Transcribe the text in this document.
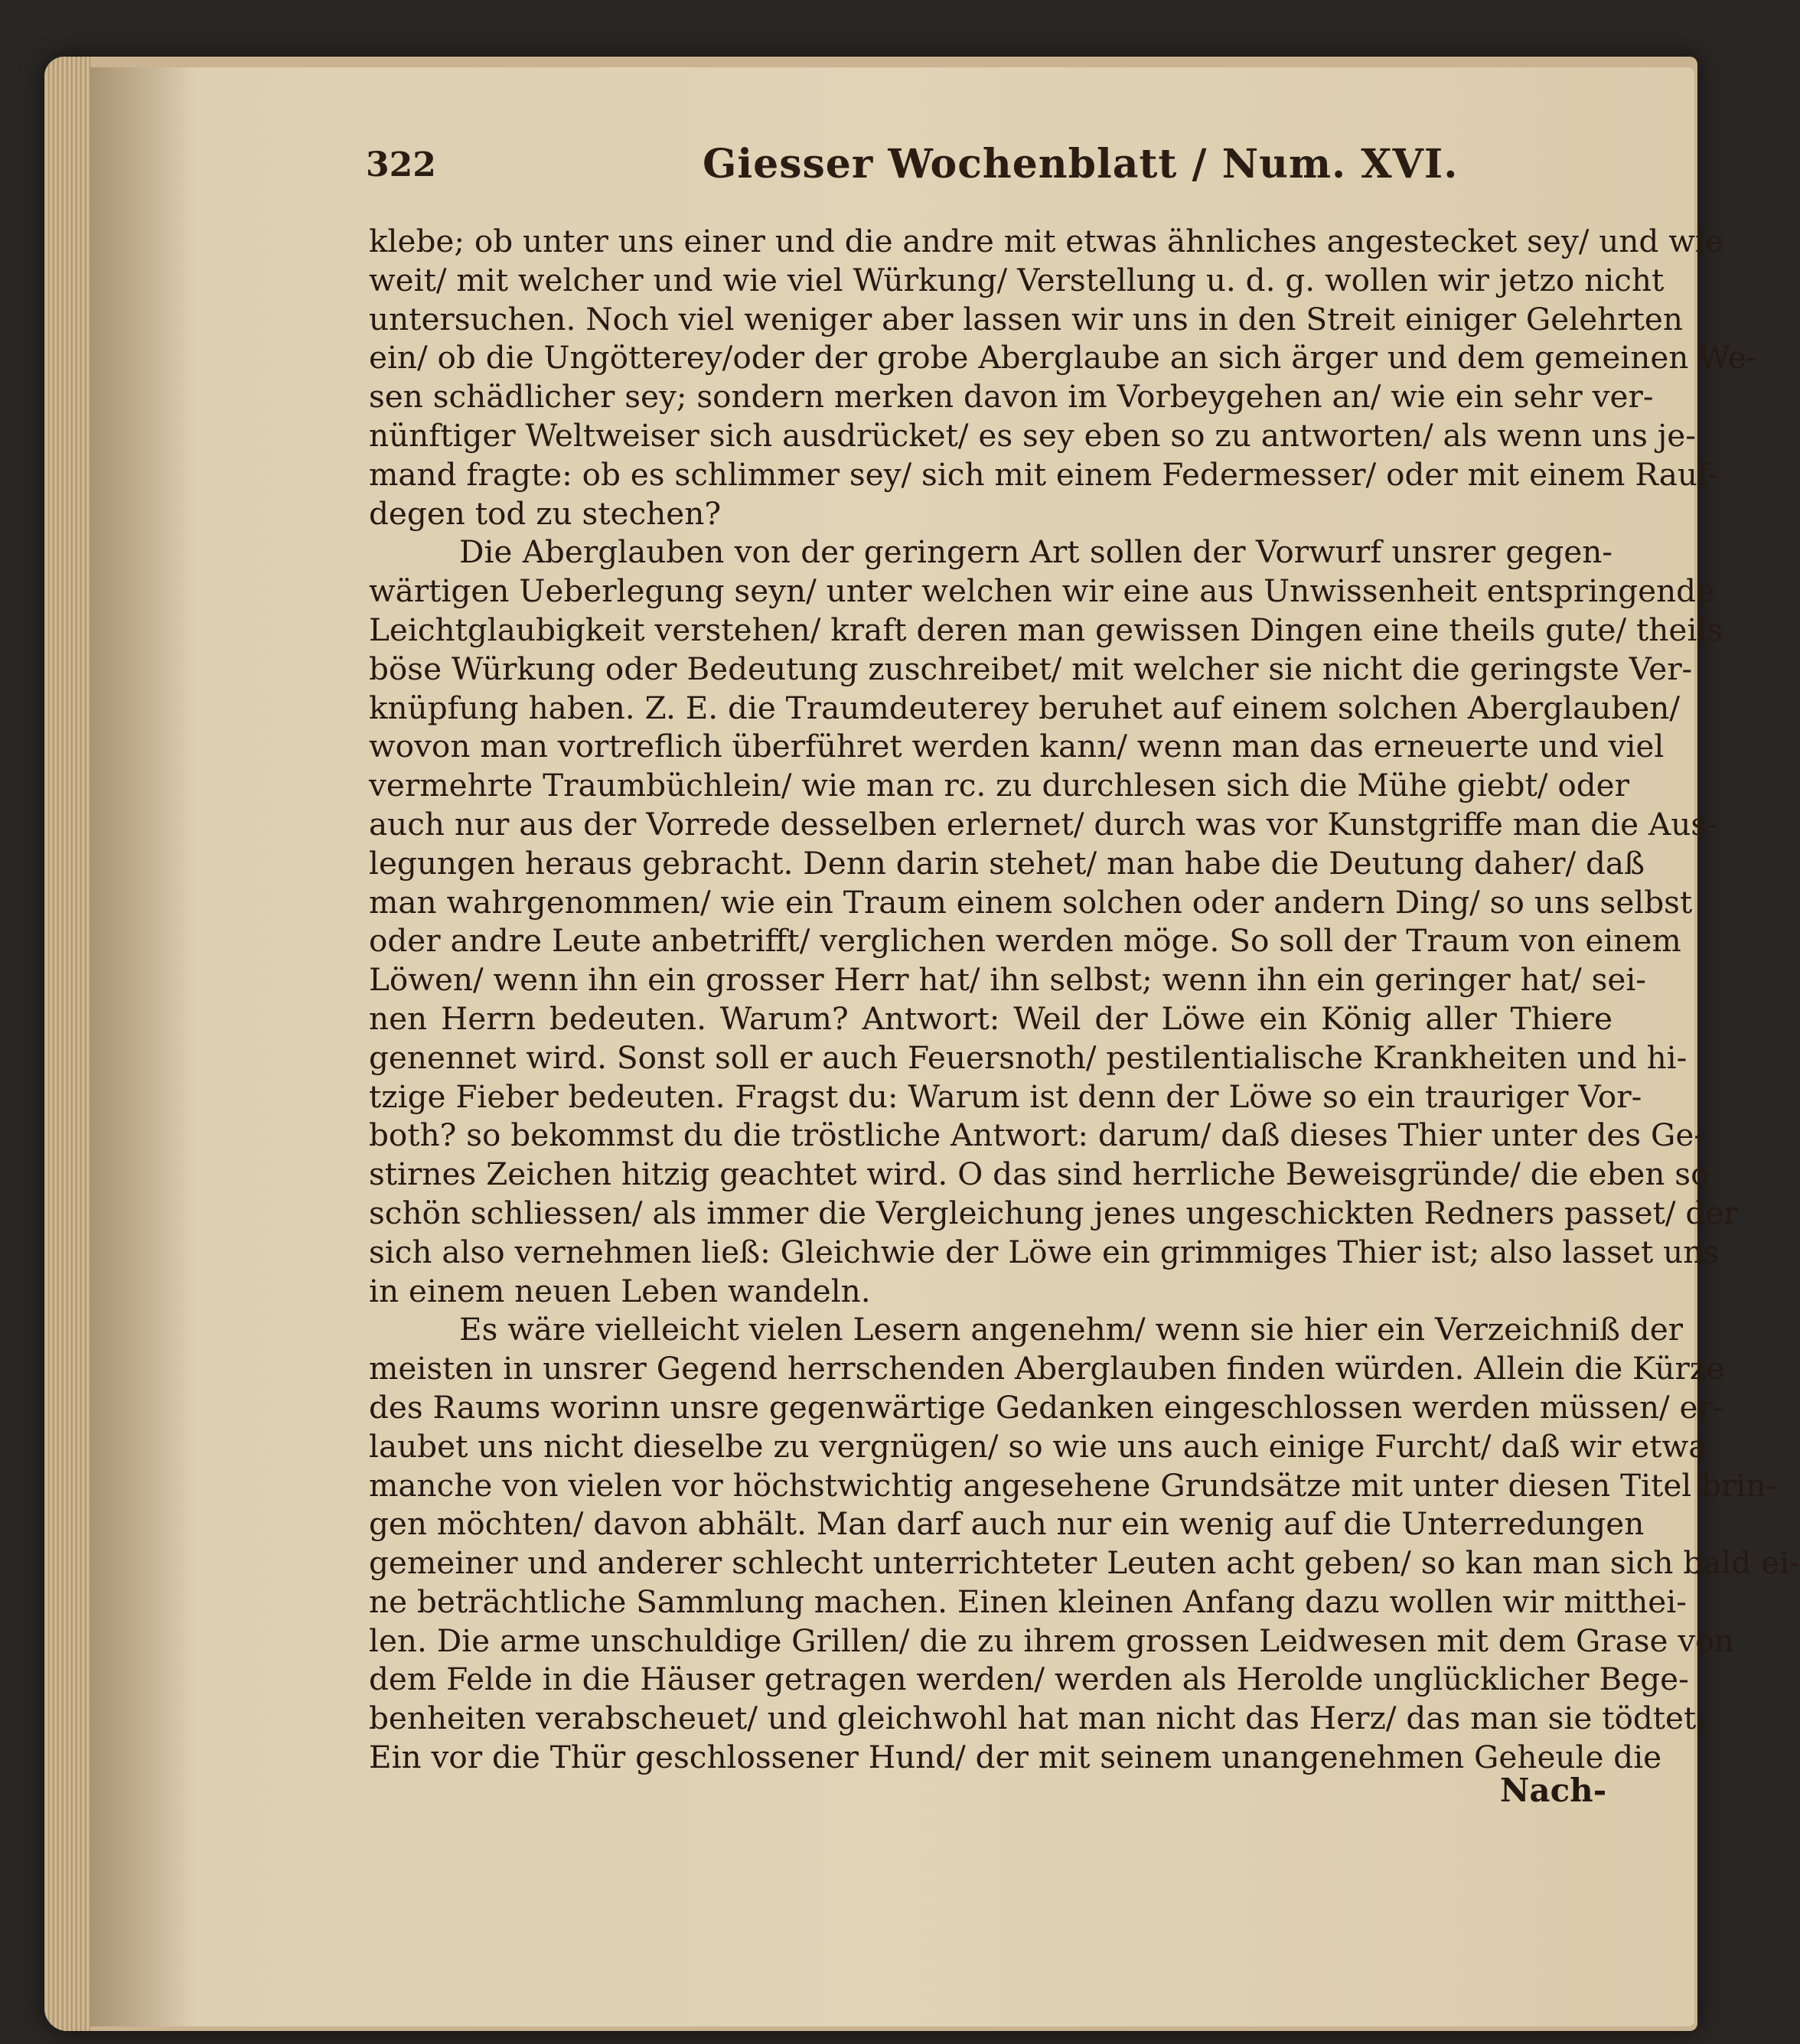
322	Giesser Wochenblatt / Num. XVI.
klebe; ob unter uns einer und die andre mit etwas ähnliches angestecket sey/ und wie
weit/ mit welcher und wie viel Würkung/ Verstellung u. d. g. wollen wir jetzo nicht
untersuchen. Noch viel weniger aber lassen wir uns in den Streit einiger Gelehrten
ein/ ob die Ungötterey/oder der grobe Aberglaube an sich ärger und dem gemeinen We-
sen schädlicher sey; sondern merken davon im Vorbeygehen an/ wie ein sehr ver-
nünftiger Weltweiser sich ausdrücket/ es sey eben so zu antworten/ als wenn uns je-
mand fragte: ob es schlimmer sey/ sich mit einem Federmesser/ oder mit einem Rauf-
degen tod zu stechen?
Die Aberglauben von der geringern Art sollen der Vorwurf unsrer gegen-
wärtigen Ueberlegung seyn/ unter welchen wir eine aus Unwissenheit entspringende
Leichtglaubigkeit verstehen/ kraft deren man gewissen Dingen eine theils gute/ theils
böse Würkung oder Bedeutung zuschreibet/ mit welcher sie nicht die geringste Ver-
knüpfung haben. Z. E. die Traumdeuterey beruhet auf einem solchen Aberglauben/
wovon man vortreflich überführet werden kann/ wenn man das erneuerte und viel
vermehrte Traumbüchlein/ wie man rc. zu durchlesen sich die Mühe giebt/ oder
auch nur aus der Vorrede desselben erlernet/ durch was vor Kunstgriffe man die Aus-
legungen heraus gebracht. Denn darin stehet/ man habe die Deutung daher/ daß
man wahrgenommen/ wie ein Traum einem solchen oder andern Ding/ so uns selbst
oder andre Leute anbetrifft/ verglichen werden möge. So soll der Traum von einem
Löwen/ wenn ihn ein grosser Herr hat/ ihn selbst; wenn ihn ein geringer hat/ sei-
nen Herrn bedeuten. Warum? Antwort: Weil der Löwe ein König aller Thiere
genennet wird. Sonst soll er auch Feuersnoth/ pestilentialische Krankheiten und hi-
tzige Fieber bedeuten. Fragst du: Warum ist denn der Löwe so ein trauriger Vor-
both? so bekommst du die tröstliche Antwort: darum/ daß dieses Thier unter des Ge-
stirnes Zeichen hitzig geachtet wird. O das sind herrliche Beweisgründe/ die eben so
schön schliessen/ als immer die Vergleichung jenes ungeschickten Redners passet/ der
sich also vernehmen ließ: Gleichwie der Löwe ein grimmiges Thier ist; also lasset uns
in einem neuen Leben wandeln.
Es wäre vielleicht vielen Lesern angenehm/ wenn sie hier ein Verzeichniß der
meisten in unsrer Gegend herrschenden Aberglauben finden würden. Allein die Kürze
des Raums worinn unsre gegenwärtige Gedanken eingeschlossen werden müssen/ er-
laubet uns nicht dieselbe zu vergnügen/ so wie uns auch einige Furcht/ daß wir etwa
manche von vielen vor höchstwichtig angesehene Grundsätze mit unter diesen Titel brin-
gen möchten/ davon abhält. Man darf auch nur ein wenig auf die Unterredungen
gemeiner und anderer schlecht unterrichteter Leuten acht geben/ so kan man sich bald ei-
ne beträchtliche Sammlung machen. Einen kleinen Anfang dazu wollen wir mitthei-
len. Die arme unschuldige Grillen/ die zu ihrem grossen Leidwesen mit dem Grase von
dem Felde in die Häuser getragen werden/ werden als Herolde unglücklicher Bege-
benheiten verabscheuet/ und gleichwohl hat man nicht das Herz/ das man sie tödtet.
Ein vor die Thür geschlossener Hund/ der mit seinem unangenehmen Geheule die
Nach-
